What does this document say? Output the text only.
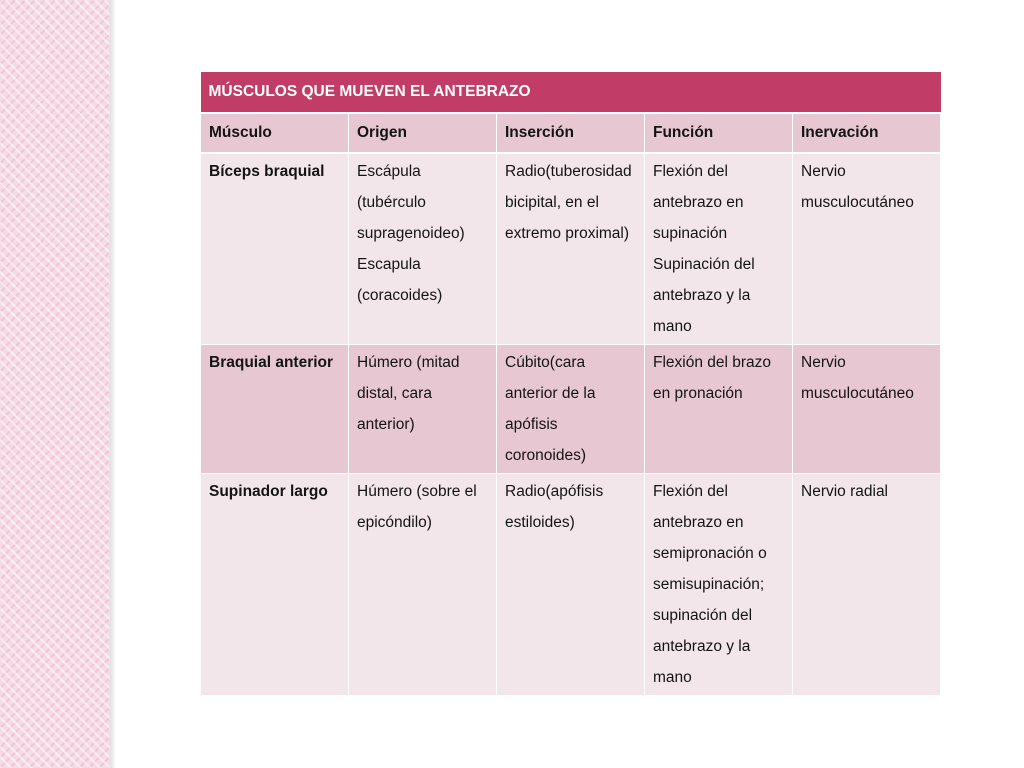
MÚSCULOS QUE MUEVEN EL ANTEBRAZO				
Músculo	Origen	Inserción	Función	Inervación
Bíceps braquial	Escápula (tubérculo supragenoideo) Escapula (coracoides)	Radio(tuberosidad bicipital, en el extremo proximal)	Flexión del antebrazo en supinación Supinación del antebrazo y la mano	Nervio musculocutáneo
Braquial anterior	Húmero (mitad distal, cara anterior)	Cúbito(cara anterior de la apófisis coronoides)	Flexión del brazo en pronación	Nervio musculocutáneo
Supinador largo	Húmero (sobre el epicóndilo)	Radio(apófisis estiloides)	Flexión del antebrazo en semipronación o semisupinación; supinación del antebrazo y la mano	Nervio radial
